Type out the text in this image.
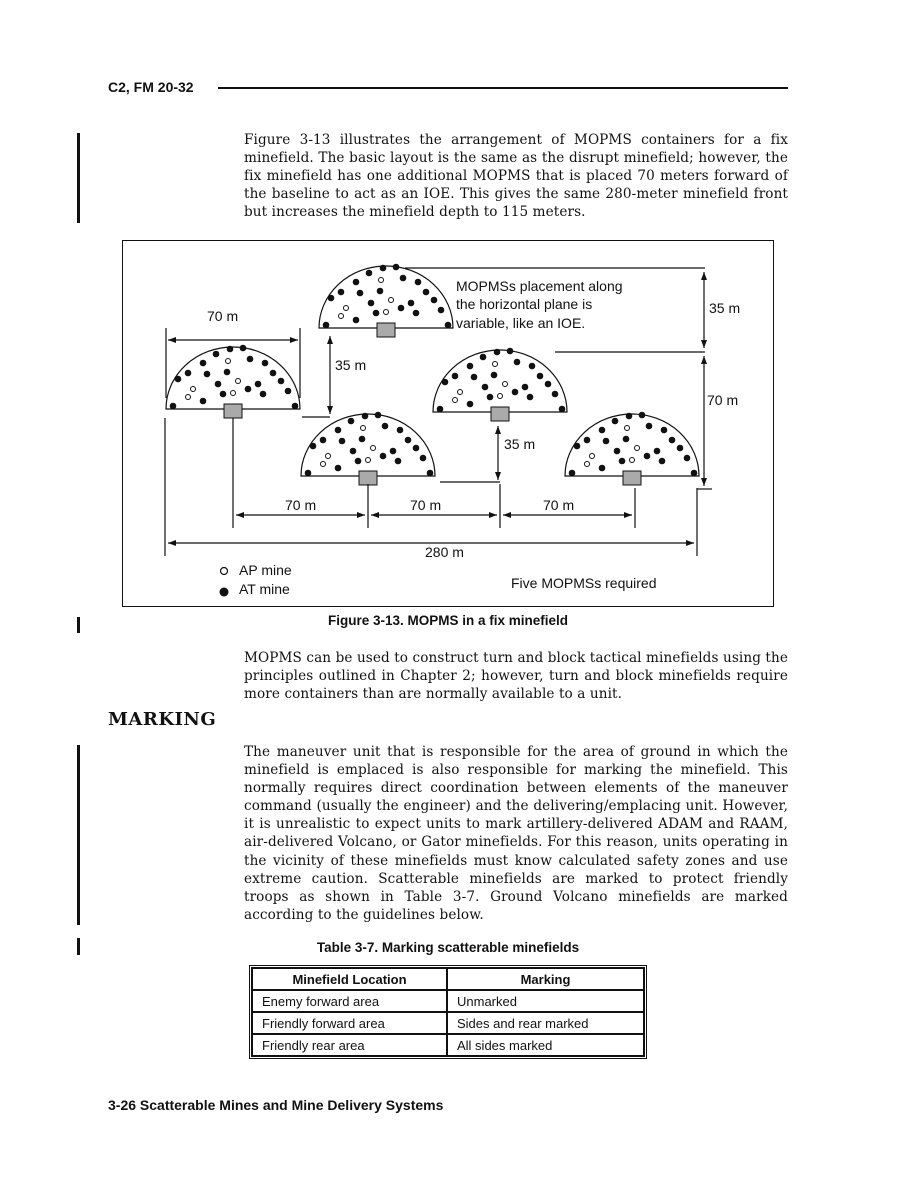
C2, FM 20-32
Figure 3-13 illustrates the arrangement of MOPMS containers for a fix minefield. The basic layout is the same as the disrupt minefield; however, the fix minefield has one additional MOPMS that is placed 70 meters forward of the baseline to act as an IOE. This gives the same 280-meter minefield front but increases the minefield depth to 115 meters.
70 m
35 m
35 m
70 m
35 m
70 m	70 m	70 m
280 m
MOPMSs placement along
the horizontal plane is
variable, like an IOE.
AP mine
AT mine	Five MOPMSs required
Figure 3-13. MOPMS in a fix minefield
MOPMS can be used to construct turn and block tactical minefields using the principles outlined in Chapter 2; however, turn and block minefields require more containers than are normally available to a unit.
MARKING
The maneuver unit that is responsible for the area of ground in which the minefield is emplaced is also responsible for marking the minefield. This normally requires direct coordination between elements of the maneuver command (usually the engineer) and the delivering/emplacing unit. However, it is unrealistic to expect units to mark artillery-delivered ADAM and RAAM, air-delivered Volcano, or Gator minefields. For this reason, units operating in the vicinity of these minefields must know calculated safety zones and use extreme caution. Scatterable minefields are marked to protect friendly troops as shown in Table 3-7. Ground Volcano minefields are marked according to the guidelines below.
Table 3-7. Marking scatterable minefields
Minefield Location	Marking
Enemy forward area	Unmarked
Friendly forward area	Sides and rear marked
Friendly rear area	All sides marked
3-26 Scatterable Mines and Mine Delivery Systems
